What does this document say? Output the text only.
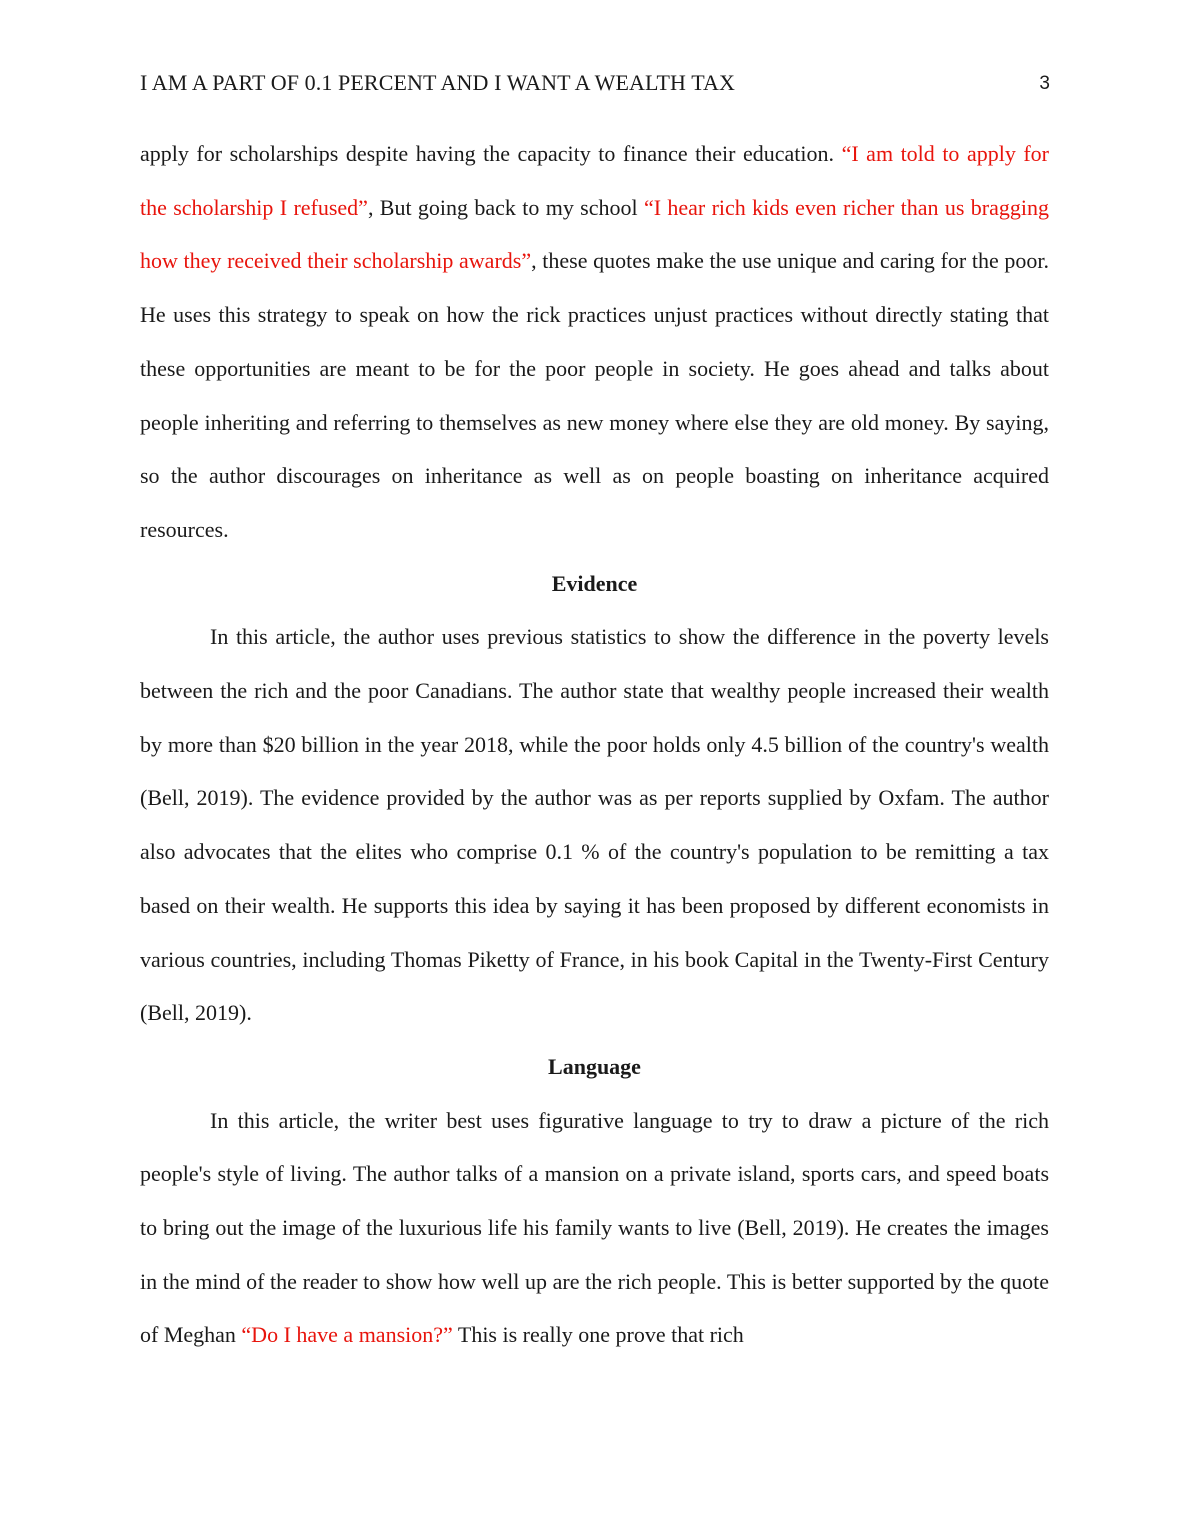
I AM A PART OF 0.1 PERCENT AND I WANT A WEALTH TAX	3

apply for scholarships despite having the capacity to finance their education. “I am told to apply for the scholarship I refused”, But going back to my school “I hear rich kids even richer than us bragging how they received their scholarship awards”, these quotes make the use unique and caring for the poor. He uses this strategy to speak on how the rick practices unjust practices without directly stating that these opportunities are meant to be for the poor people in society. He goes ahead and talks about people inheriting and referring to themselves as new money where else they are old money. By saying, so the author discourages on inheritance as well as on people boasting on inheritance acquired resources.

Evidence

In this article, the author uses previous statistics to show the difference in the poverty levels between the rich and the poor Canadians. The author state that wealthy people increased their wealth by more than $20 billion in the year 2018, while the poor holds only 4.5 billion of the country's wealth (Bell, 2019). The evidence provided by the author was as per reports supplied by Oxfam. The author also advocates that the elites who comprise 0.1 % of the country's population to be remitting a tax based on their wealth. He supports this idea by saying it has been proposed by different economists in various countries, including Thomas Piketty of France, in his book Capital in the Twenty-First Century (Bell, 2019).

Language

In this article, the writer best uses figurative language to try to draw a picture of the rich people's style of living. The author talks of a mansion on a private island, sports cars, and speed boats to bring out the image of the luxurious life his family wants to live (Bell, 2019). He creates the images in the mind of the reader to show how well up are the rich people. This is better supported by the quote of Meghan “Do I have a mansion?” This is really one prove that rich
